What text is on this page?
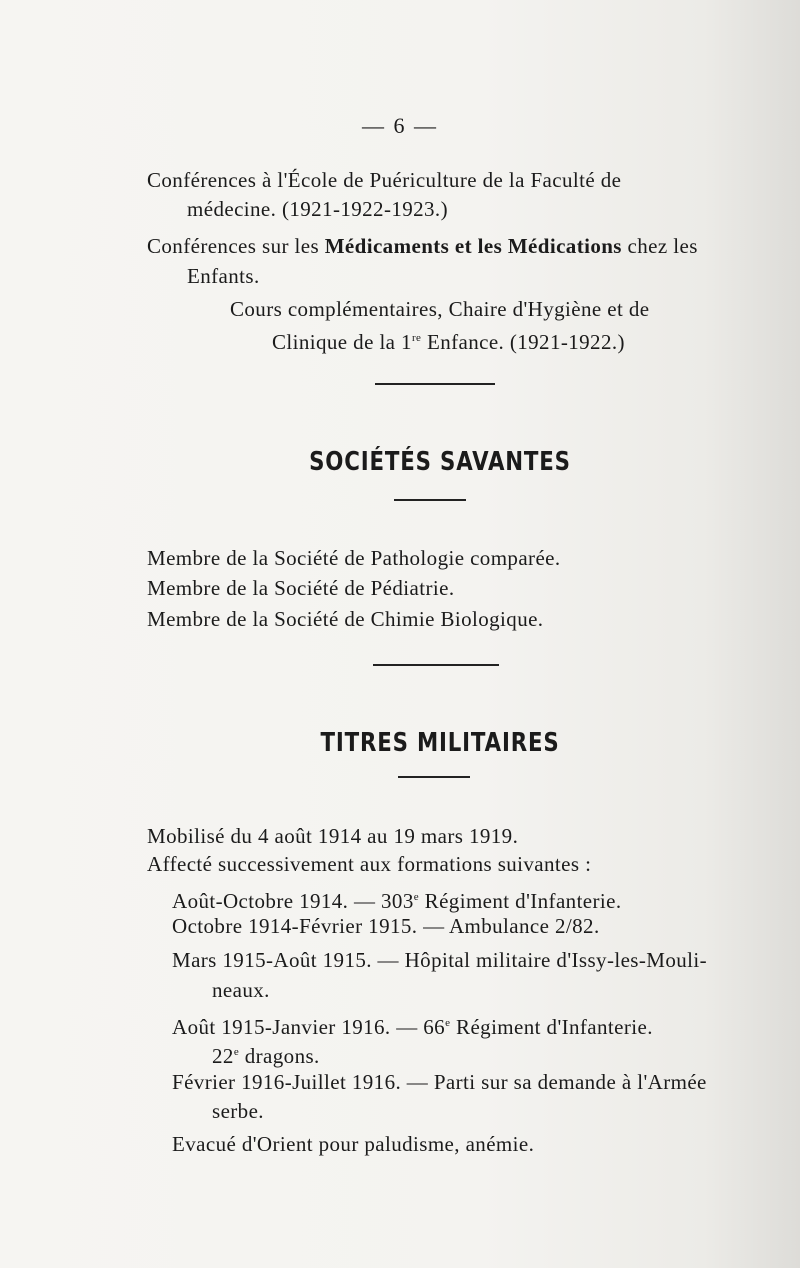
— 6 —
Conférences à l'École de Puériculture de la Faculté de
médecine. (1921-1922-1923.)
Conférences sur les Médicaments et les Médications chez les
Enfants.
Cours complémentaires, Chaire d'Hygiène et de
Clinique de la 1re Enfance. (1921-1922.)
SOCIÉTÉS SAVANTES
Membre de la Société de Pathologie comparée.
Membre de la Société de Pédiatrie.
Membre de la Société de Chimie Biologique.
TITRES MILITAIRES
Mobilisé du 4 août 1914 au 19 mars 1919.
Affecté successivement aux formations suivantes :
Août-Octobre 1914. — 303e Régiment d'Infanterie.
Octobre 1914-Février 1915. — Ambulance 2/82.
Mars 1915-Août 1915. — Hôpital militaire d'Issy-les-Mouli-
neaux.
Août 1915-Janvier 1916. — 66e Régiment d'Infanterie.
22e dragons.
Février 1916-Juillet 1916. — Parti sur sa demande à l'Armée
serbe.
Evacué d'Orient pour paludisme, anémie.
